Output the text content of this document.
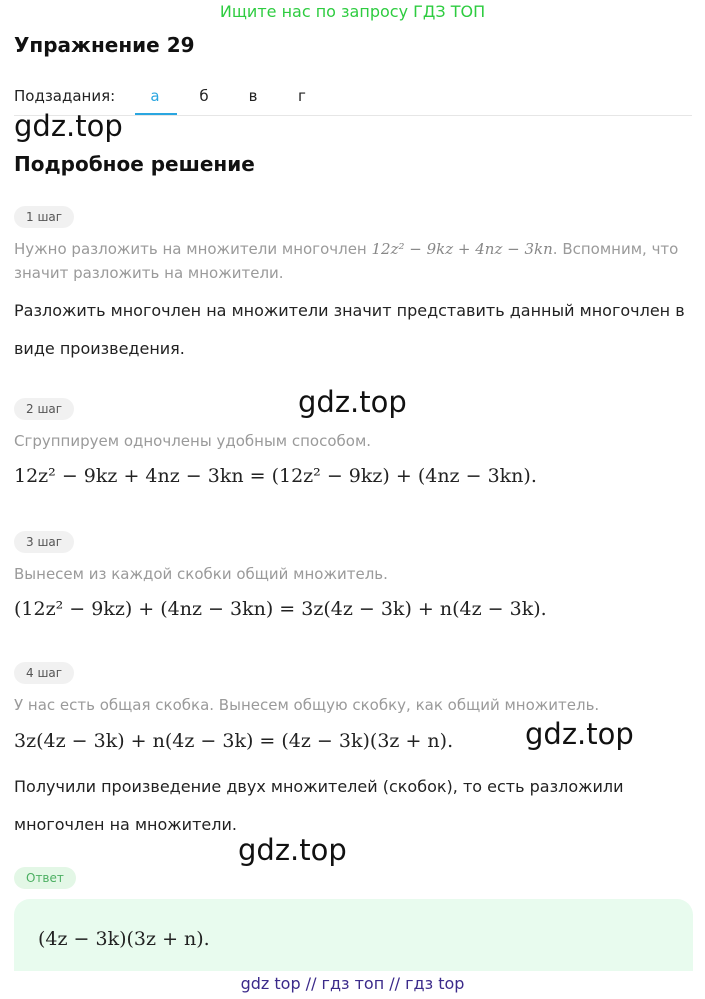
Ищите нас по запросу ГДЗ ТОП
Упражнение 29
Подзадания:	а	б	в	г
gdz.top
Подробное решение
1 шаг
Нужно разложить на множители многочлен 12z² − 9kz + 4nz − 3kn. Вспомним, что значит разложить на множители.
Разложить многочлен на множители значит представить данный многочлен в виде произведения.
gdz.top
2 шаг
Сгруппируем одночлены удобным способом.
12z² − 9kz + 4nz − 3kn = (12z² − 9kz) + (4nz − 3kn).
3 шаг
Вынесем из каждой скобки общий множитель.
(12z² − 9kz) + (4nz − 3kn) = 3z(4z − 3k) + n(4z − 3k).
4 шаг
У нас есть общая скобка. Вынесем общую скобку, как общий множитель.
3z(4z − 3k) + n(4z − 3k) = (4z − 3k)(3z + n). gdz.top
Получили произведение двух множителей (скобок), то есть разложили многочлен на множители.
gdz.top
Ответ
(4z − 3k)(3z + n).
gdz top // гдз топ // гдз top
